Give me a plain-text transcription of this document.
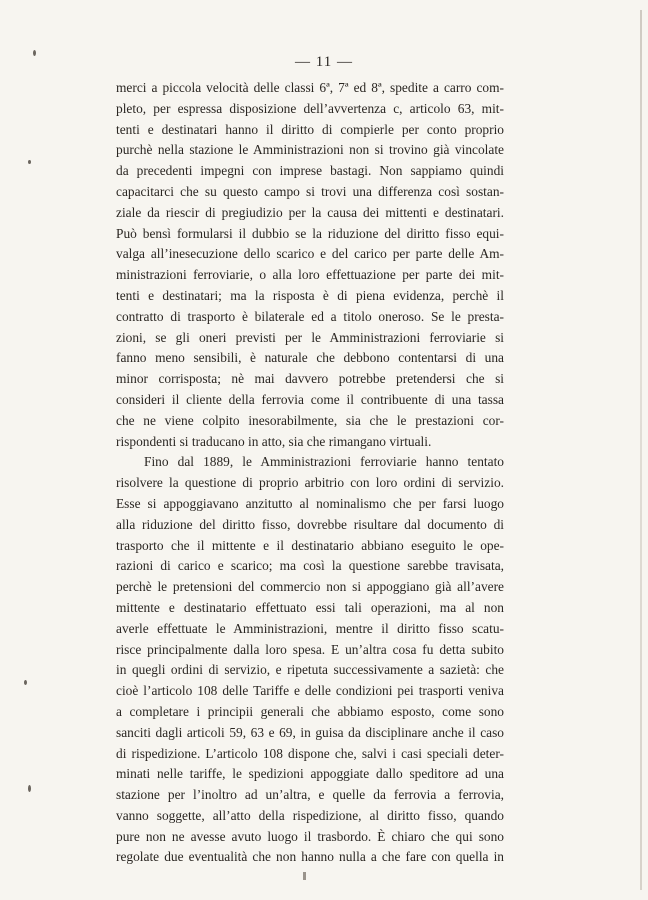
— 11 —
merci a piccola velocità delle classi 6ª, 7ª ed 8ª, spedite a carro com-
pleto, per espressa disposizione dell’avvertenza c, articolo 63, mit-
tenti e destinatari hanno il diritto di compierle per conto proprio
purchè nella stazione le Amministrazioni non si trovino già vincolate
da precedenti impegni con imprese bastagi. Non sappiamo quindi
capacitarci che su questo campo si trovi una differenza così sostan-
ziale da riescir di pregiudizio per la causa dei mittenti e destinatari.
Può bensì formularsi il dubbio se la riduzione del diritto fisso equi-
valga all’inesecuzione dello scarico e del carico per parte delle Am-
ministrazioni ferroviarie, o alla loro effettuazione per parte dei mit-
tenti e destinatari; ma la risposta è di piena evidenza, perchè il
contratto di trasporto è bilaterale ed a titolo oneroso. Se le presta-
zioni, se gli oneri previsti per le Amministrazioni ferroviarie si
fanno meno sensibili, è naturale che debbono contentarsi di una
minor corrisposta; nè mai davvero potrebbe pretendersi che si
consideri il cliente della ferrovia come il contribuente di una tassa
che ne viene colpito inesorabilmente, sia che le prestazioni cor-
rispondenti si traducano in atto, sia che rimangano virtuali.
Fino dal 1889, le Amministrazioni ferroviarie hanno tentato
risolvere la questione di proprio arbitrio con loro ordini di servizio.
Esse si appoggiavano anzitutto al nominalismo che per farsi luogo
alla riduzione del diritto fisso, dovrebbe risultare dal documento di
trasporto che il mittente e il destinatario abbiano eseguito le ope-
razioni di carico e scarico; ma così la questione sarebbe travisata,
perchè le pretensioni del commercio non si appoggiano già all’avere
mittente e destinatario effettuato essi tali operazioni, ma al non
averle effettuate le Amministrazioni, mentre il diritto fisso scatu-
risce principalmente dalla loro spesa. E un’altra cosa fu detta subito
in quegli ordini di servizio, e ripetuta successivamente a sazietà: che
cioè l’articolo 108 delle Tariffe e delle condizioni pei trasporti veniva
a completare i principii generali che abbiamo esposto, come sono
sanciti dagli articoli 59, 63 e 69, in guisa da disciplinare anche il caso
di rispedizione. L’articolo 108 dispone che, salvi i casi speciali deter-
minati nelle tariffe, le spedizioni appoggiate dallo speditore ad una
stazione per l’inoltro ad un’altra, e quelle da ferrovia a ferrovia,
vanno soggette, all’atto della rispedizione, al diritto fisso, quando
pure non ne avesse avuto luogo il trasbordo. È chiaro che qui sono
regolate due eventualità che non hanno nulla a che fare con quella in
